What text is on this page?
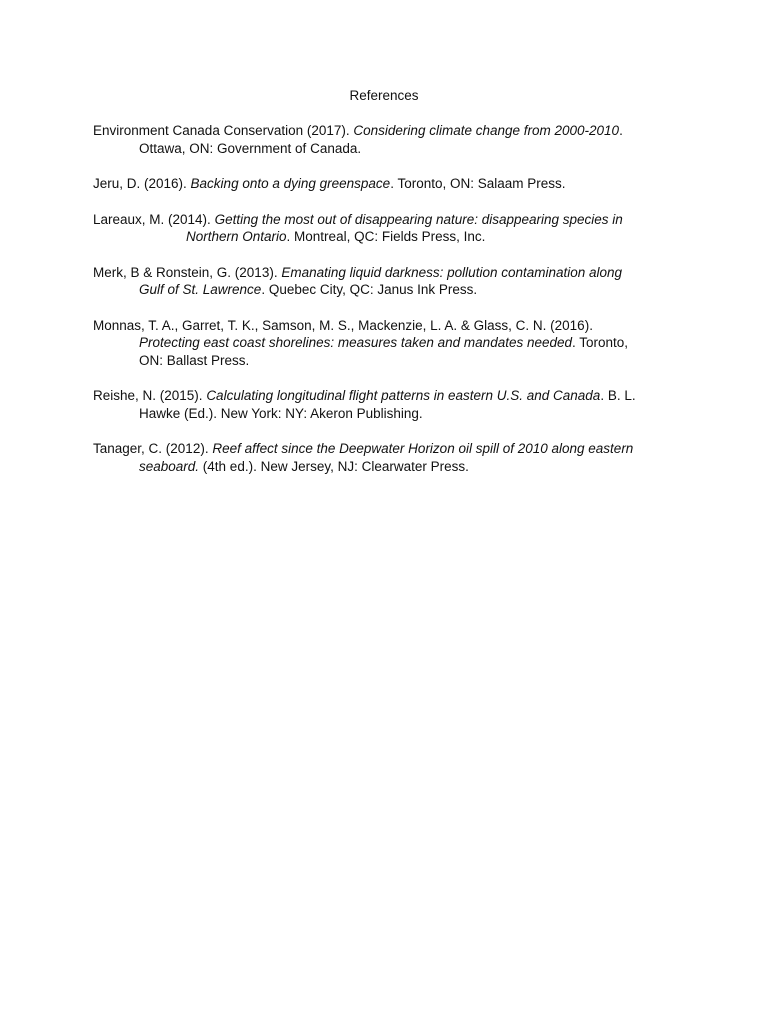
References
Environment Canada Conservation (2017). Considering climate change from 2000-2010.
Ottawa, ON: Government of Canada.
Jeru, D. (2016). Backing onto a dying greenspace. Toronto, ON: Salaam Press.
Lareaux, M. (2014). Getting the most out of disappearing nature: disappearing species in
Northern Ontario. Montreal, QC: Fields Press, Inc.
Merk, B & Ronstein, G. (2013). Emanating liquid darkness: pollution contamination along
Gulf of St. Lawrence. Quebec City, QC: Janus Ink Press.
Monnas, T. A., Garret, T. K., Samson, M. S., Mackenzie, L. A. & Glass, C. N. (2016).
Protecting east coast shorelines: measures taken and mandates needed. Toronto,
ON: Ballast Press.
Reishe, N. (2015). Calculating longitudinal flight patterns in eastern U.S. and Canada. B. L.
Hawke (Ed.). New York: NY: Akeron Publishing.
Tanager, C. (2012). Reef affect since the Deepwater Horizon oil spill of 2010 along eastern
seaboard. (4th ed.). New Jersey, NJ: Clearwater Press.
